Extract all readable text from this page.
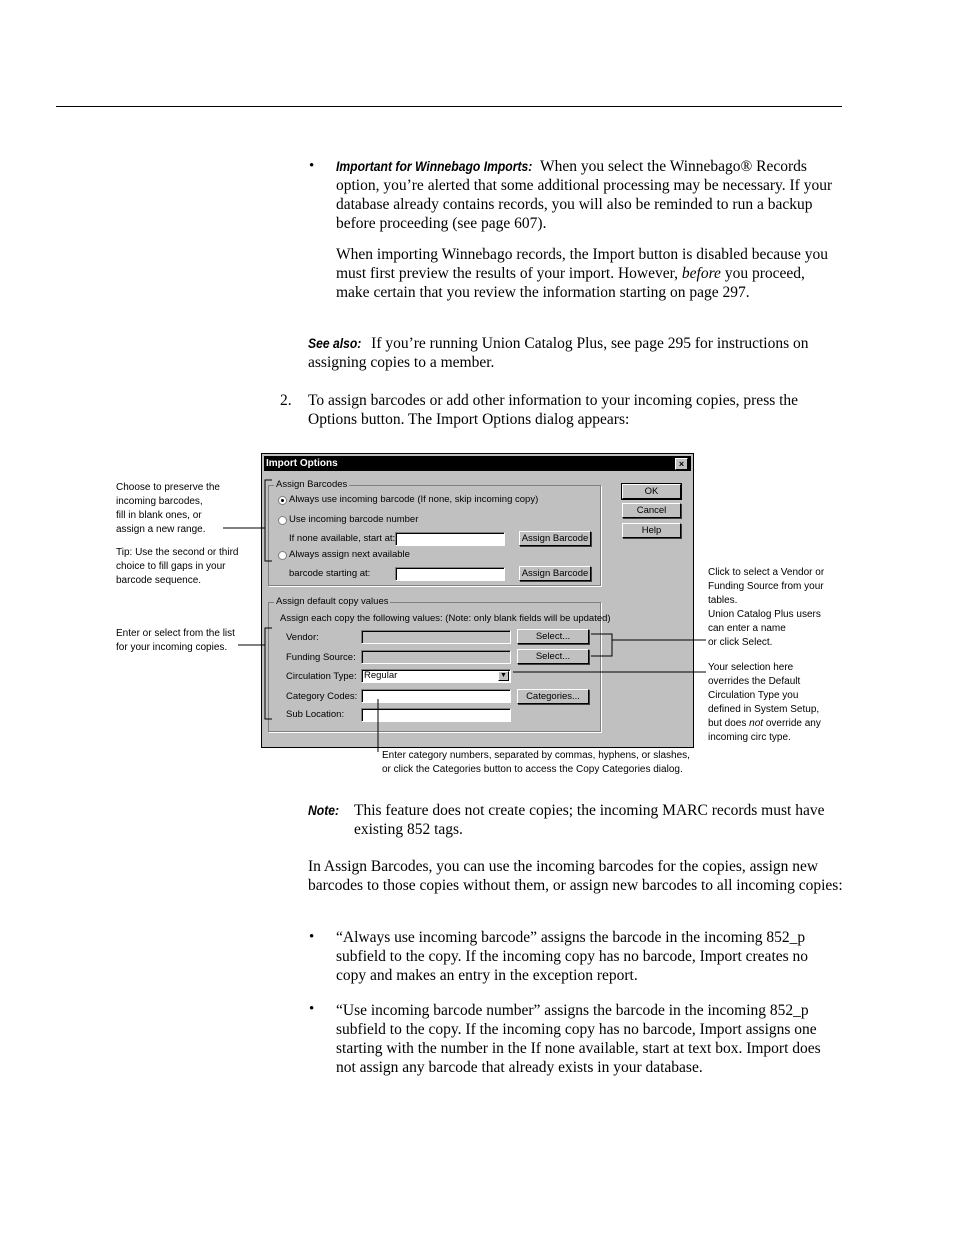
• Important for Winnebago Imports: When you select the Winnebago® Records option, you’re alerted that some additional processing may be necessary. If your database already contains records, you will also be reminded to run a backup before proceeding (see page 607).
When importing Winnebago records, the Import button is disabled because you must first preview the results of your import. However, before you proceed, make certain that you review the information starting on page 297.
See also: If you’re running Union Catalog Plus, see page 295 for instructions on assigning copies to a member.
2. To assign barcodes or add other information to your incoming copies, press the Options button. The Import Options dialog appears:
Import Options	×
OK
Cancel
Help
Assign Barcodes
Always use incoming barcode (If none, skip incoming copy)
Use incoming barcode number
If none available, start at:	Assign Barcode
Always assign next available
barcode starting at:	Assign Barcode
Assign default copy values
Assign each copy the following values: (Note: only blank fields will be updated)
Vendor:	Select...
Funding Source:	Select...
Circulation Type: Regular	▼
Category Codes:	Categories...
Sub Location:
Choose to preserve the
incoming barcodes,
fill in blank ones, or
assign a new range.
Tip: Use the second or third
choice to fill gaps in your
barcode sequence.
Enter or select from the list
for your incoming copies.
Click to select a Vendor or
Funding Source from your
tables.
Union Catalog Plus users
can enter a name
or click Select.
Your selection here
overrides the Default
Circulation Type you
defined in System Setup,
but does not override any
incoming circ type.
Enter category numbers, separated by commas, hyphens, or slashes,
or click the Categories button to access the Copy Categories dialog.
Note: This feature does not create copies; the incoming MARC records must have existing 852 tags.
In Assign Barcodes, you can use the incoming barcodes for the copies, assign new barcodes to those copies without them, or assign new barcodes to all incoming copies:
• “Always use incoming barcode” assigns the barcode in the incoming 852_p subfield to the copy. If the incoming copy has no barcode, Import creates no copy and makes an entry in the exception report.
• “Use incoming barcode number” assigns the barcode in the incoming 852_p subfield to the copy. If the incoming copy has no barcode, Import assigns one starting with the number in the If none available, start at text box. Import does not assign any barcode that already exists in your database.
